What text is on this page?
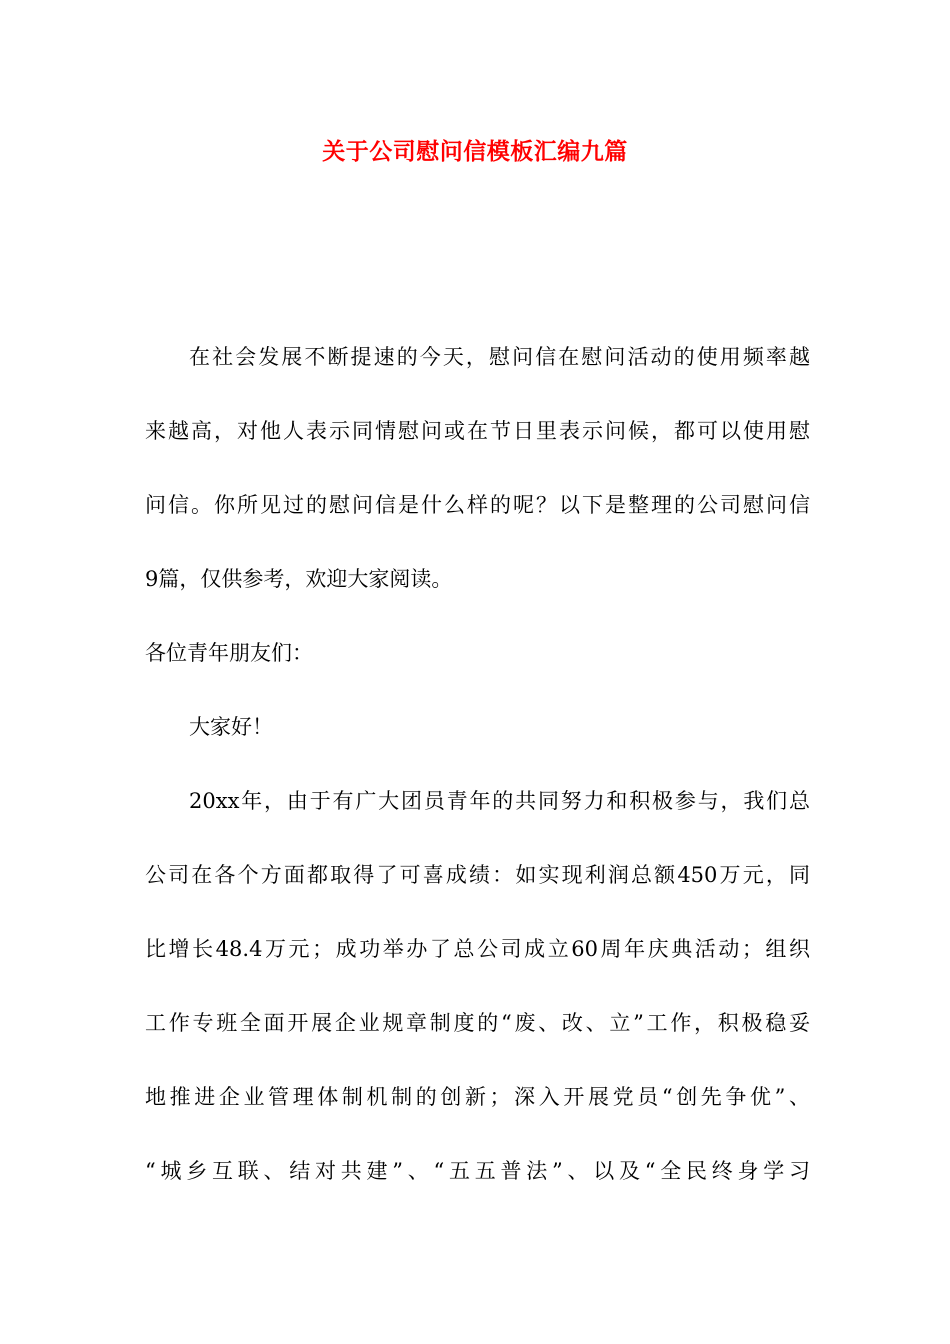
关于公司慰问信模板汇编九篇
在社会发展不断提速的今天，慰问信在慰问活动的使用频率越
来越高，对他人表示同情慰问或在节日里表示问候，都可以使用慰
问信。你所见过的慰问信是什么样的呢？以下是整理的公司慰问信
9篇，仅供参考，欢迎大家阅读。
各位青年朋友们：
大家好！
20xx年，由于有广大团员青年的共同努力和积极参与，我们总
公司在各个方面都取得了可喜成绩：如实现利润总额450万元，同
比增长48.4万元；成功举办了总公司成立60周年庆典活动；组织
工作专班全面开展企业规章制度的“废、改、立”工作，积极稳妥
地推进企业管理体制机制的创新；深入开展党员“创先争优”、
“城乡互联、结对共建”、“五五普法”、以及“全民终身学习
